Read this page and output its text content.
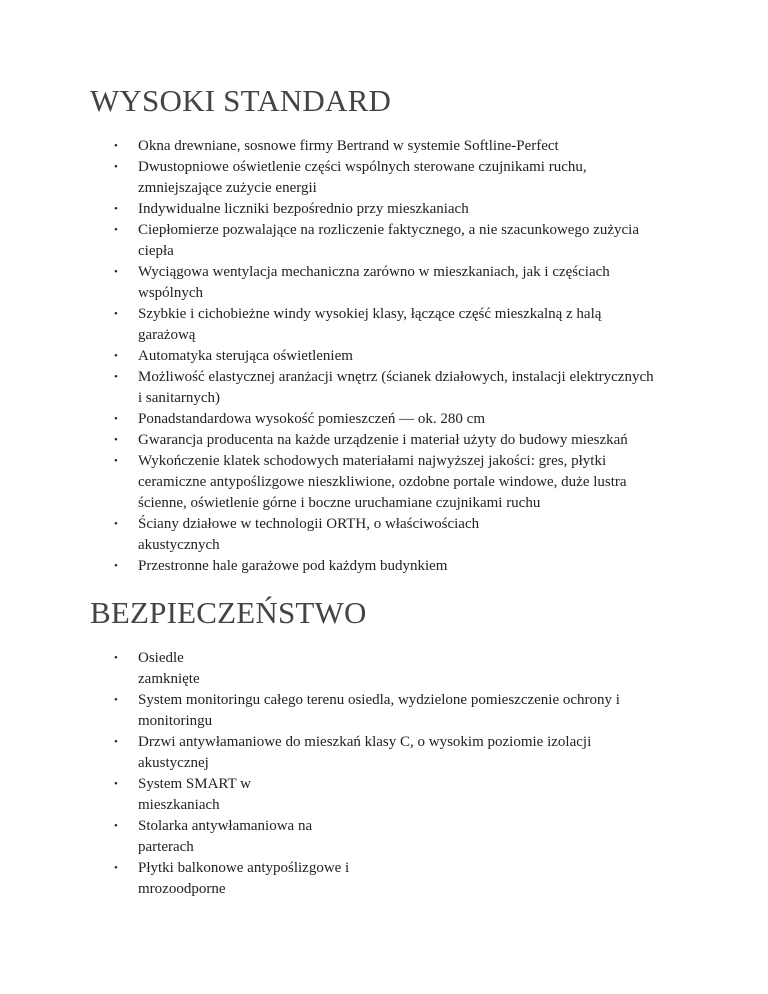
WYSOKI STANDARD
• Okna drewniane, sosnowe firmy Bertrand w systemie Softline-Perfect
• Dwustopniowe oświetlenie części wspólnych sterowane czujnikami ruchu,
zmniejszające zużycie energii
• Indywidualne liczniki bezpośrednio przy mieszkaniach
• Ciepłomierze pozwalające na rozliczenie faktycznego, a nie szacunkowego zużycia
ciepła
• Wyciągowa wentylacja mechaniczna zarówno w mieszkaniach, jak i częściach
wspólnych
• Szybkie i cichobieżne windy wysokiej klasy, łączące część mieszkalną z halą
garażową
• Automatyka sterująca oświetleniem
• Możliwość elastycznej aranżacji wnętrz (ścianek działowych, instalacji elektrycznych
i sanitarnych)
• Ponadstandardowa wysokość pomieszczeń — ok. 280 cm
• Gwarancja producenta na każde urządzenie i materiał użyty do budowy mieszkań
• Wykończenie klatek schodowych materiałami najwyższej jakości: gres, płytki
ceramiczne antypoślizgowe nieszkliwione, ozdobne portale windowe, duże lustra
ścienne, oświetlenie górne i boczne uruchamiane czujnikami ruchu
• Ściany działowe w technologii ORTH, o właściwościach
akustycznych
• Przestronne hale garażowe pod każdym budynkiem
BEZPIECZEŃSTWO
• Osiedle
zamknięte
• System monitoringu całego terenu osiedla, wydzielone pomieszczenie ochrony i
monitoringu
• Drzwi antywłamaniowe do mieszkań klasy C, o wysokim poziomie izolacji
akustycznej
• System SMART w
mieszkaniach
• Stolarka antywłamaniowa na
parterach
• Płytki balkonowe antypoślizgowe i
mrozoodporne
